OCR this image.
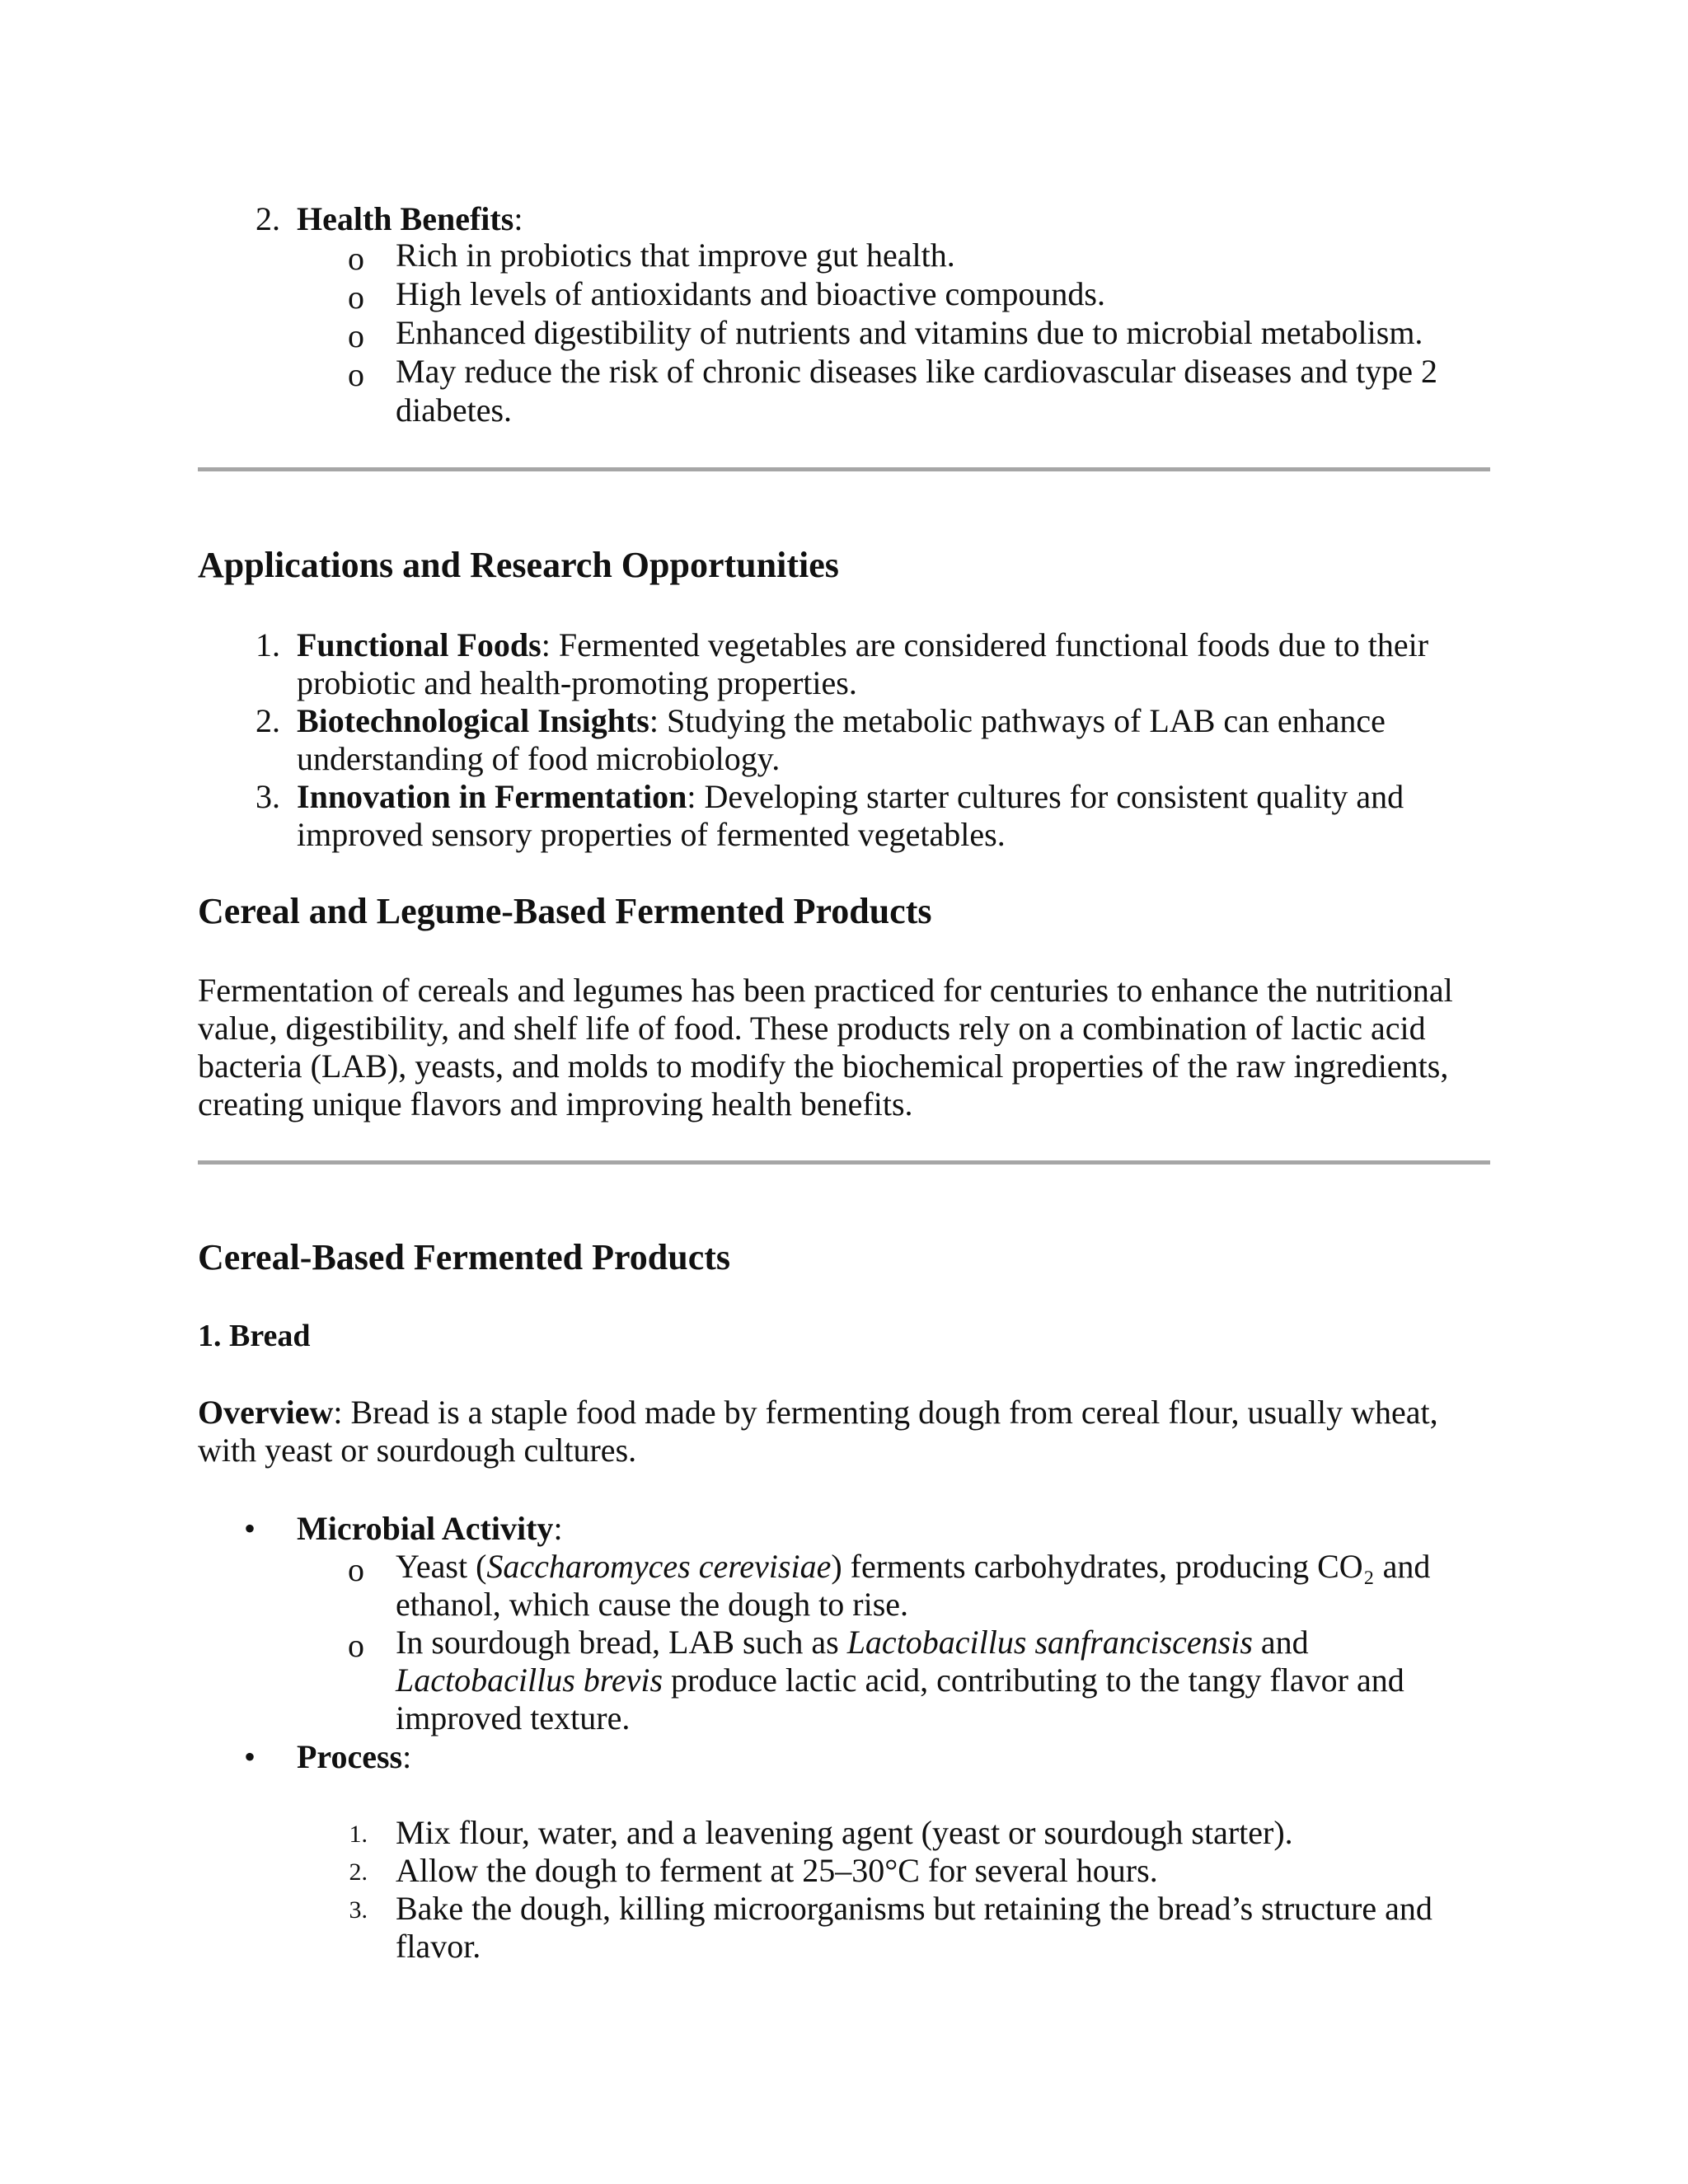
2. Health Benefits:
o Rich in probiotics that improve gut health.
o High levels of antioxidants and bioactive compounds.
o Enhanced digestibility of nutrients and vitamins due to microbial metabolism.
o May reduce the risk of chronic diseases like cardiovascular diseases and type 2
diabetes.
Applications and Research Opportunities
1. Functional Foods: Fermented vegetables are considered functional foods due to their
probiotic and health-promoting properties.
2. Biotechnological Insights: Studying the metabolic pathways of LAB can enhance
understanding of food microbiology.
3. Innovation in Fermentation: Developing starter cultures for consistent quality and
improved sensory properties of fermented vegetables.
Cereal and Legume-Based Fermented Products
Fermentation of cereals and legumes has been practiced for centuries to enhance the nutritional
value, digestibility, and shelf life of food. These products rely on a combination of lactic acid
bacteria (LAB), yeasts, and molds to modify the biochemical properties of the raw ingredients,
creating unique flavors and improving health benefits.
Cereal-Based Fermented Products
1. Bread
Overview: Bread is a staple food made by fermenting dough from cereal flour, usually wheat,
with yeast or sourdough cultures.
• Microbial Activity:
o Yeast (Saccharomyces cerevisiae) ferments carbohydrates, producing CO₂ and
ethanol, which cause the dough to rise.
o In sourdough bread, LAB such as Lactobacillus sanfranciscensis and
Lactobacillus brevis produce lactic acid, contributing to the tangy flavor and
improved texture.
• Process:
1. Mix flour, water, and a leavening agent (yeast or sourdough starter).
2. Allow the dough to ferment at 25–30°C for several hours.
3. Bake the dough, killing microorganisms but retaining the bread’s structure and
flavor.
